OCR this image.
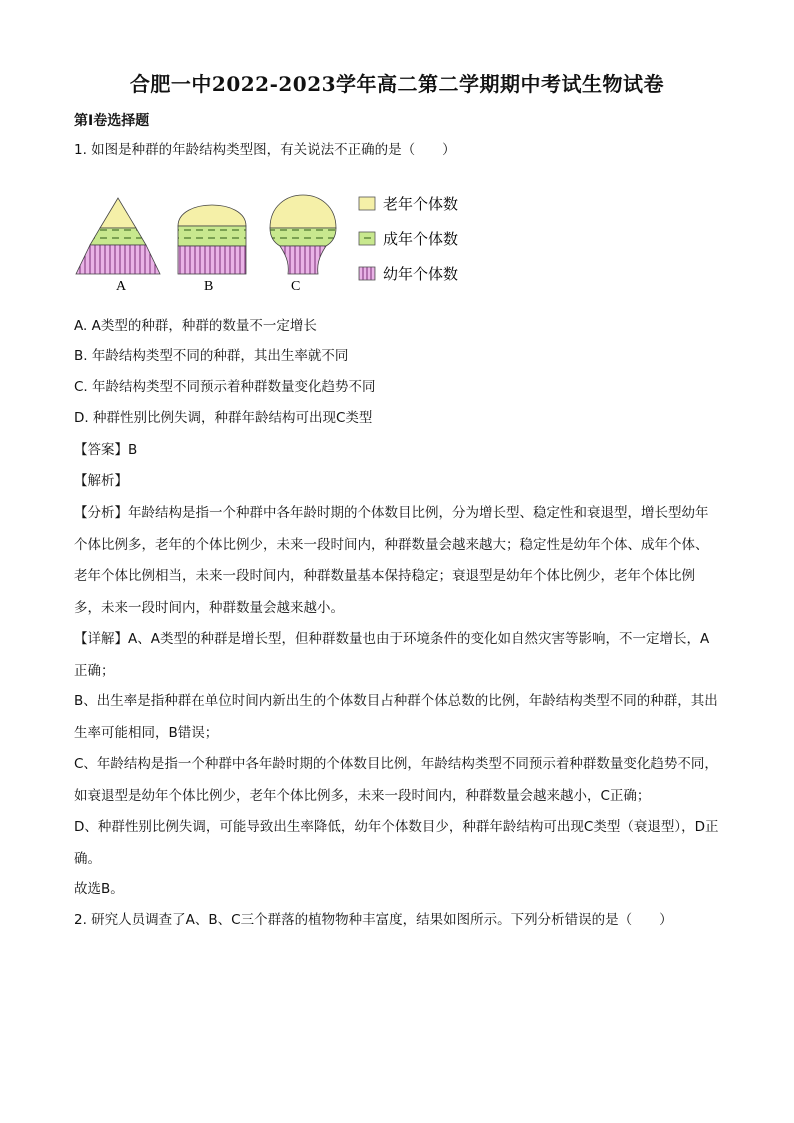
合肥一中2022-2023学年高二第二学期期中考试生物试卷
第Ⅰ卷选择题
1. 如图是种群的年龄结构类型图，有关说法不正确的是（　　）
A	B	C
老年个体数
成年个体数
幼年个体数
A. A类型的种群，种群的数量不一定增长
B. 年龄结构类型不同的种群，其出生率就不同
C. 年龄结构类型不同预示着种群数量变化趋势不同
D. 种群性别比例失调，种群年龄结构可出现C类型
【答案】B
【解析】
【分析】年龄结构是指一个种群中各年龄时期的个体数目比例，分为增长型、稳定性和衰退型，增长型幼年个体比例多，老年的个体比例少，未来一段时间内，种群数量会越来越大；稳定性是幼年个体、成年个体、老年个体比例相当，未来一段时间内，种群数量基本保持稳定；衰退型是幼年个体比例少，老年个体比例多，未来一段时间内，种群数量会越来越小。
【详解】A、A类型的种群是增长型，但种群数量也由于环境条件的变化如自然灾害等影响，不一定增长，A正确；
B、出生率是指种群在单位时间内新出生的个体数目占种群个体总数的比例，年龄结构类型不同的种群，其出生率可能相同，B错误；
C、年龄结构是指一个种群中各年龄时期的个体数目比例，年龄结构类型不同预示着种群数量变化趋势不同，如衰退型是幼年个体比例少，老年个体比例多，未来一段时间内，种群数量会越来越小，C正确；
D、种群性别比例失调，可能导致出生率降低，幼年个体数目少，种群年龄结构可出现C类型（衰退型），D正确。
故选B。
2. 研究人员调查了A、B、C三个群落的植物物种丰富度，结果如图所示。下列分析错误的是（　　）
